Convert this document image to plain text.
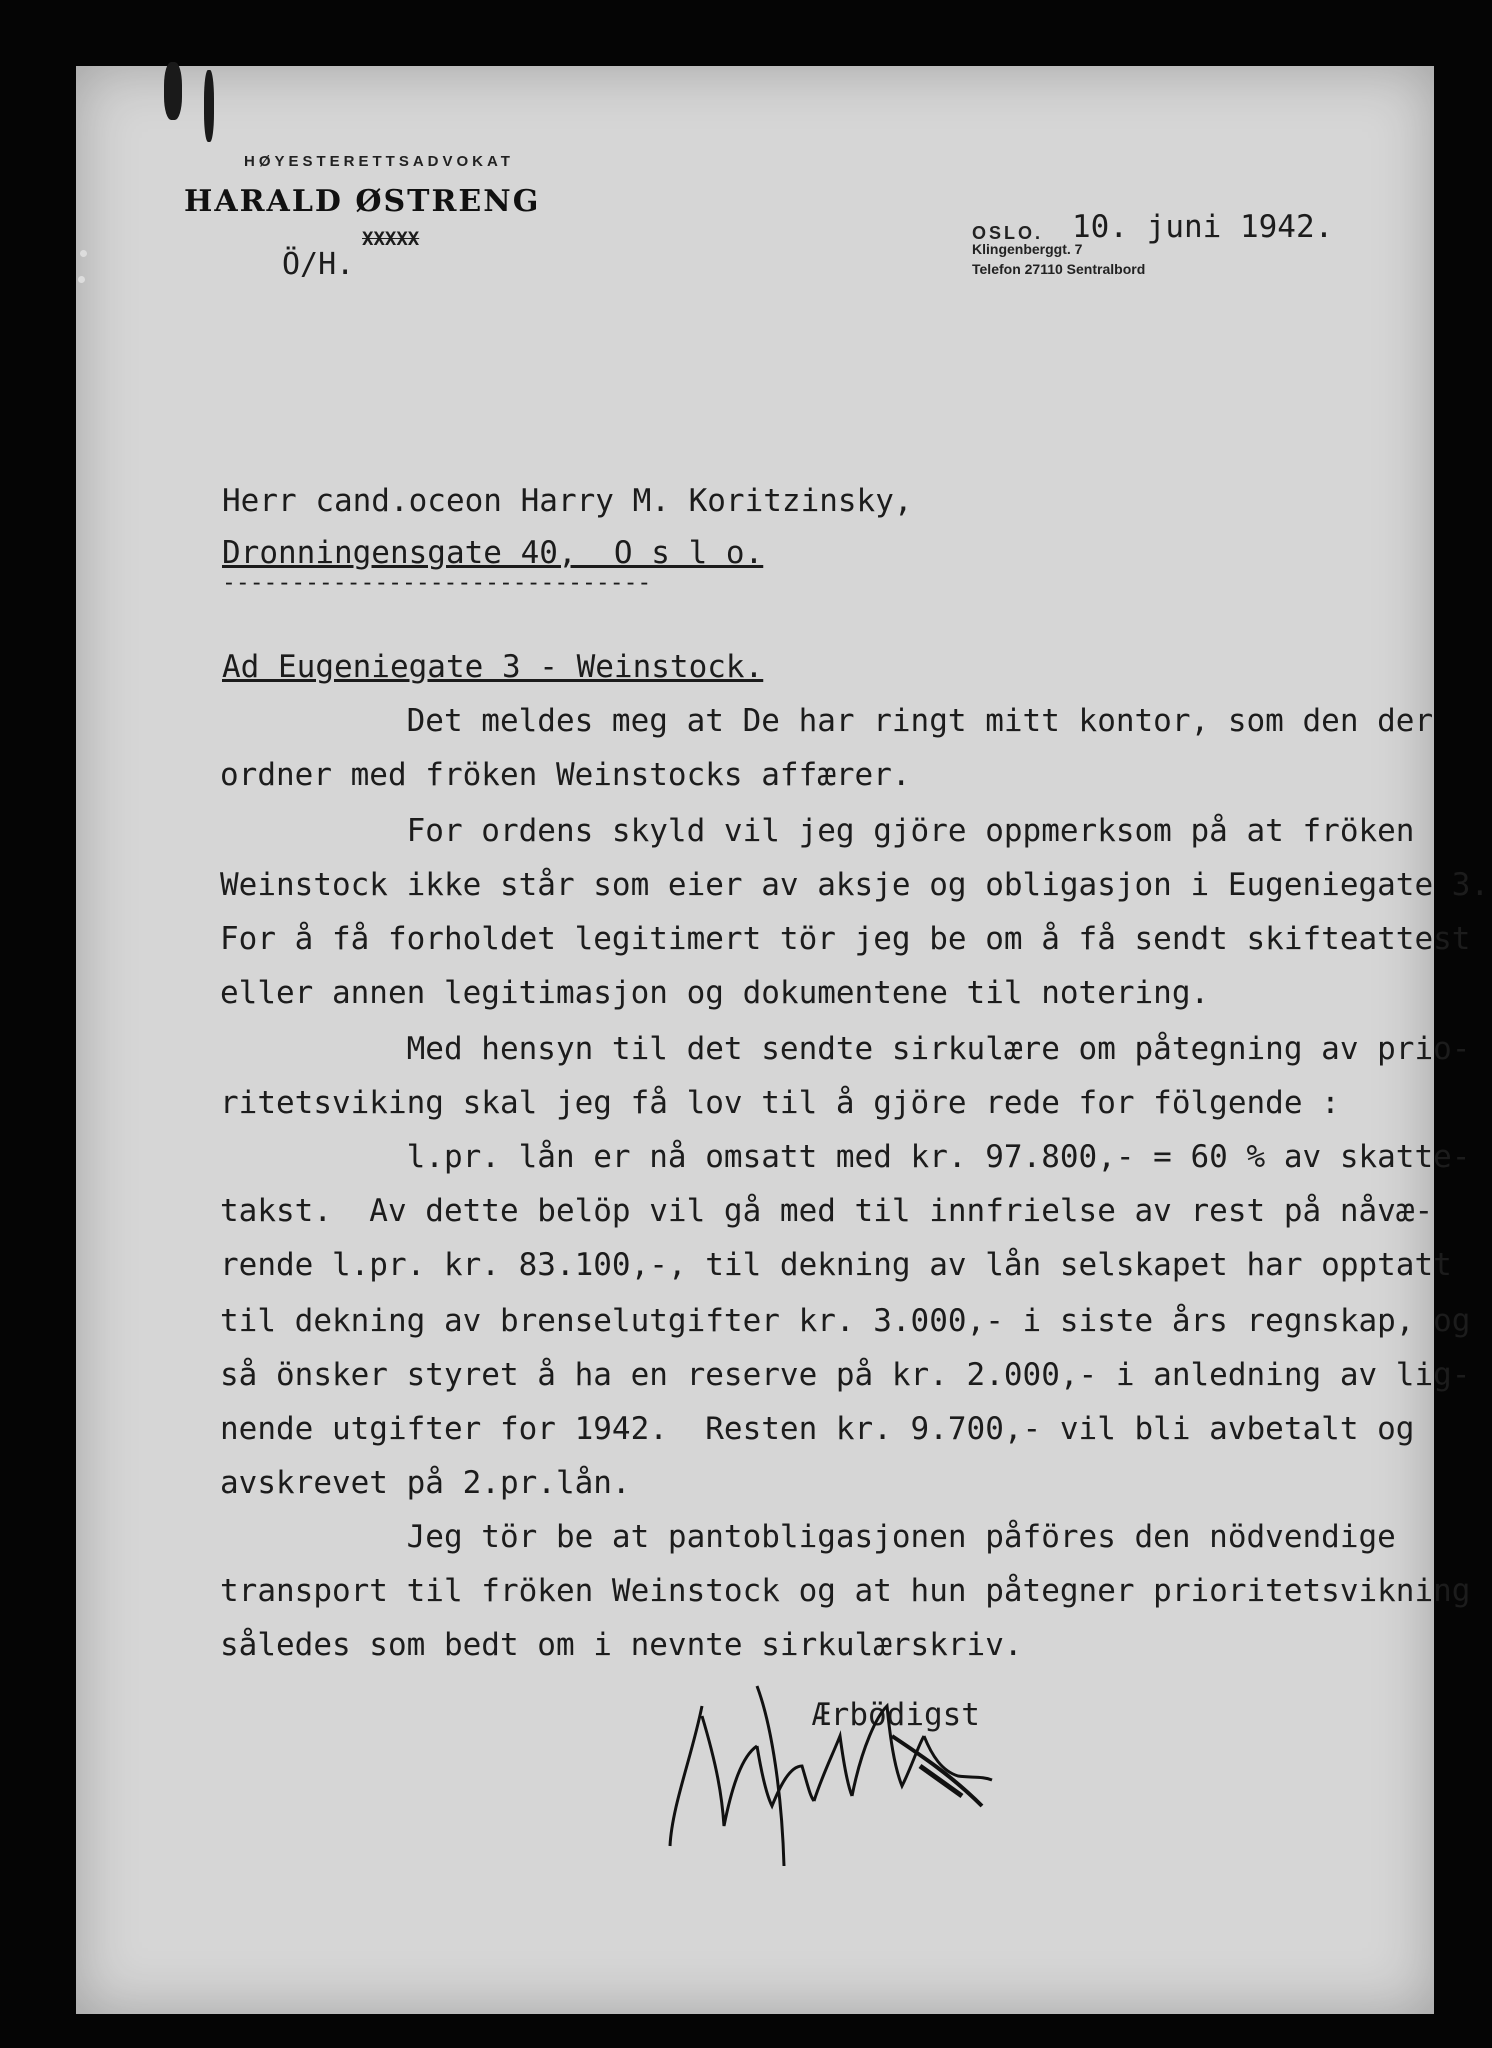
HØYESTERETTSADVOKAT
HARALD ØSTRENG
XXXXX
Ö/H.
OSLO. 10. juni 1942.
Klingenberggt. 7
Telefon 27110 Sentralbord
Herr cand.oceon Harry M. Koritzinsky,
Dronningensgate 40,  O s l o.
-------------------------------
Ad Eugeniegate 3 - Weinstock.
Det meldes meg at De har ringt mitt kontor, som den der
ordner med fröken Weinstocks affærer.
For ordens skyld vil jeg gjöre oppmerksom på at fröken
Weinstock ikke står som eier av aksje og obligasjon i Eugeniegate 3.
For å få forholdet legitimert tör jeg be om å få sendt skifteattest
eller annen legitimasjon og dokumentene til notering.
Med hensyn til det sendte sirkulære om påtegning av prio-
ritetsviking skal jeg få lov til å gjöre rede for fölgende :
l.pr. lån er nå omsatt med kr. 97.800,- = 60 % av skatte-
takst.  Av dette belöp vil gå med til innfrielse av rest på nåvæ-
rende l.pr. kr. 83.100,-, til dekning av lån selskapet har opptatt
til dekning av brenselutgifter kr. 3.000,- i siste års regnskap, og
så önsker styret å ha en reserve på kr. 2.000,- i anledning av lig-
nende utgifter for 1942.  Resten kr. 9.700,- vil bli avbetalt og
avskrevet på 2.pr.lån.
Jeg tör be at pantobligasjonen påföres den nödvendige
transport til fröken Weinstock og at hun påtegner prioritetsvikning
således som bedt om i nevnte sirkulærskriv.
Ærbödigst
